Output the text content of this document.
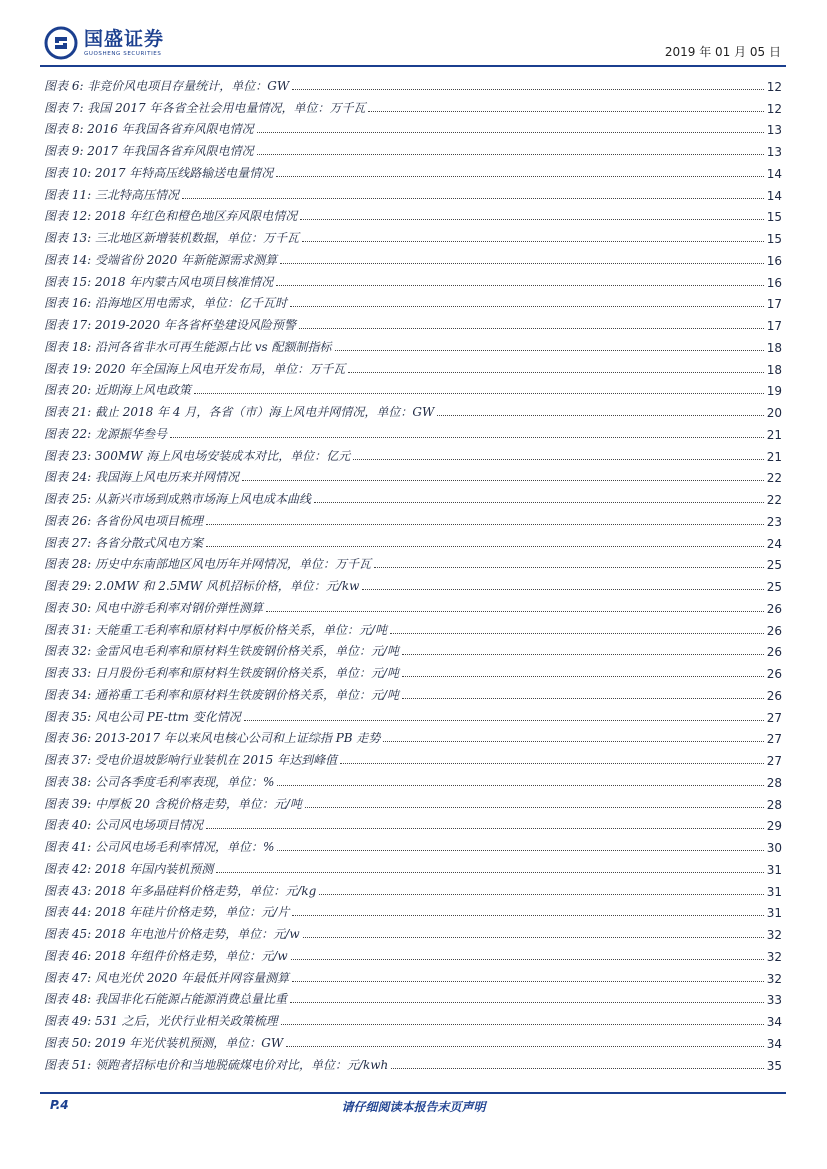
国盛证券
GUOSHENG SECURITIES	2019 年 01 月 05 日
图表 6: 非竞价风电项目存量统计，单位：GW	12
图表 7: 我国 2017 年各省全社会用电量情况，单位：万千瓦	12
图表 8: 2016 年我国各省弃风限电情况	13
图表 9: 2017 年我国各省弃风限电情况	13
图表 10: 2017 年特高压线路输送电量情况	14
图表 11: 三北特高压情况	14
图表 12: 2018 年红色和橙色地区弃风限电情况	15
图表 13: 三北地区新增装机数据，单位：万千瓦	15
图表 14: 受端省份 2020 年新能源需求测算	16
图表 15: 2018 年内蒙古风电项目核准情况	16
图表 16: 沿海地区用电需求，单位：亿千瓦时	17
图表 17: 2019-2020 年各省杯垫建设风险预警	17
图表 18: 沿河各省非水可再生能源占比 vs 配额制指标	18
图表 19: 2020 年全国海上风电开发布局，单位：万千瓦	18
图表 20: 近期海上风电政策	19
图表 21: 截止 2018 年 4 月，各省（市）海上风电并网情况，单位：GW	20
图表 22: 龙源振华叁号	21
图表 23: 300MW 海上风电场安装成本对比，单位：亿元	21
图表 24: 我国海上风电历来并网情况	22
图表 25: 从新兴市场到成熟市场海上风电成本曲线	22
图表 26: 各省份风电项目梳理	23
图表 27: 各省分散式风电方案	24
图表 28: 历史中东南部地区风电历年并网情况，单位：万千瓦	25
图表 29: 2.0MW 和 2.5MW 风机招标价格，单位：元/kw	25
图表 30: 风电中游毛利率对钢价弹性测算	26
图表 31: 天能重工毛利率和原材料中厚板价格关系，单位：元/吨	26
图表 32: 金雷风电毛利率和原材料生铁废钢价格关系，单位：元/吨	26
图表 33: 日月股份毛利率和原材料生铁废钢价格关系，单位：元/吨	26
图表 34: 通裕重工毛利率和原材料生铁废钢价格关系，单位：元/吨	26
图表 35: 风电公司 PE-ttm 变化情况	27
图表 36: 2013-2017 年以来风电核心公司和上证综指 PB 走势	27
图表 37: 受电价退坡影响行业装机在 2015 年达到峰值	27
图表 38: 公司各季度毛利率表现，单位：%	28
图表 39: 中厚板 20 含税价格走势，单位：元/吨	28
图表 40: 公司风电场项目情况	29
图表 41: 公司风电场毛利率情况，单位：%	30
图表 42: 2018 年国内装机预测	31
图表 43: 2018 年多晶硅料价格走势，单位：元/kg	31
图表 44: 2018 年硅片价格走势，单位：元/片	31
图表 45: 2018 年电池片价格走势，单位：元/w	32
图表 46: 2018 年组件价格走势，单位：元/w	32
图表 47: 风电光伏 2020 年最低并网容量测算	32
图表 48: 我国非化石能源占能源消费总量比重	33
图表 49: 531 之后，光伏行业相关政策梳理	34
图表 50: 2019 年光伏装机预测，单位：GW	34
图表 51: 领跑者招标电价和当地脱硫煤电价对比，单位：元/kwh	35
P.4	请仔细阅读本报告末页声明
